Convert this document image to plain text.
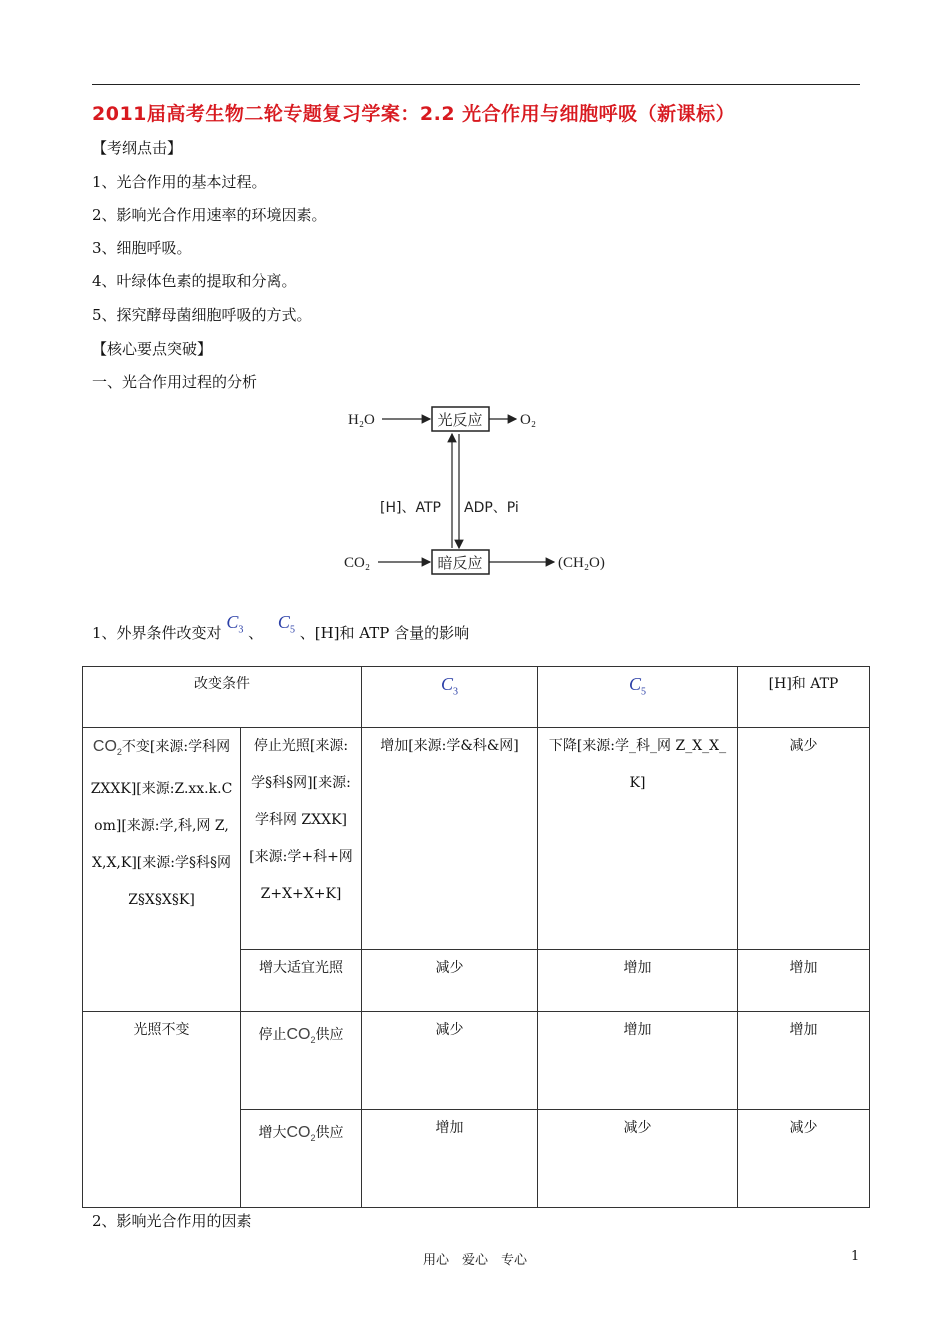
2011届高考生物二轮专题复习学案：2.2 光合作用与细胞呼吸（新课标）
【考纲点击】
1、光合作用的基本过程。
2、影响光合作用速率的环境因素。
3、细胞呼吸。
4、叶绿体色素的提取和分离。
5、探究酵母菌细胞呼吸的方式。
【核心要点突破】
一、光合作用过程的分析
H₂O	光反应 O₂
[H]、ATP ADP、Pi
CO₂	暗反应	(CH₂O)
1、外界条件改变对 $C_3$ 、 $C_5$ 、[H]和 ATP 含量的影响
改变条件		$C_3$	$C_5$	[H]和 ATP
$CO_2$不变[来源:学科网 ZXXK][来源:Z.xx.k.Com][来源:学,科,网 Z,X,X,K][来源:学§科§网 Z§X§X§K]	停止光照[来源:学§科§网][来源:学科网 ZXXK][来源:学+科+网 Z+X+X+K]	增加[来源:学&科&网]	下降[来源:学_科_网 Z_X_X_K]	减少
	增大适宜光照	减少	增加	增加
光照不变	停止$CO_2$供应	减少	增加	增加
	增大$CO_2$供应	增加	减少	减少
2、影响光合作用的因素
用心　爱心　专心	1
